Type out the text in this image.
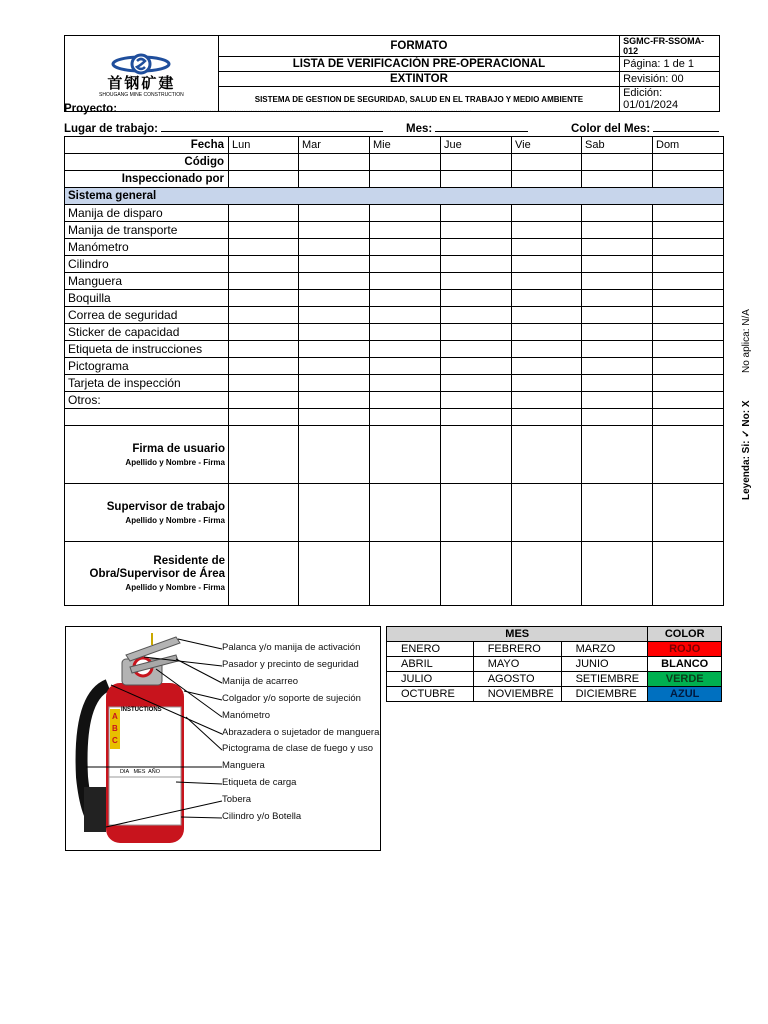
首钢矿建
SHOUGANG MINE CONSTRUCTION	FORMATO	SGMC-FR-SSOMA-012
	LISTA DE VERIFICACIÓN PRE-OPERACIONAL	Página: 1 de 1
	EXTINTOR	Revisión: 00
	SISTEMA DE GESTION DE SEGURIDAD, SALUD EN EL TRABAJO Y MEDIO AMBIENTE	Edición: 01/01/2024
Proyecto: ..........................................................................................................................................................
Lugar de trabajo:	Mes:	Color del Mes:
Fecha	Lun	Mar	Mie	Jue	Vie	Sab	Dom
Código							
Inspeccionado por							
Sistema general							
Manija de disparo							
Manija de transporte							
Manómetro							
Cilindro							
Manguera							
Boquilla							
Correa de seguridad							
Sticker de capacidad							
Etiqueta de instrucciones							
Pictograma							
Tarjeta de inspección							
Otros:							

Firma de usuario
Apellido y Nombre - Firma							

Supervisor de trabajo
Apellido y Nombre - Firma							

Residente de Obra/Supervisor de Área
Apellido y Nombre - Firma							

Leyenda: Si: ✓ No: X
No aplica: N/A
INSTUCTIONS
A
B
C
DIA   MES  AÑO
Palanca y/o manija de activación
Pasador y precinto de seguridad
Manija de acarreo
Colgador y/o soporte de sujeción
Manómetro
Abrazadera o sujetador de manguera
Pictograma de clase de fuego y uso
Manguera
Etiqueta de carga
Tobera
Cilindro y/o Botella
MES			COLOR
ENERO	FEBRERO	MARZO	ROJO
ABRIL	MAYO	JUNIO	BLANCO
JULIO	AGOSTO	SETIEMBRE	VERDE
OCTUBRE	NOVIEMBRE	DICIEMBRE	AZUL
